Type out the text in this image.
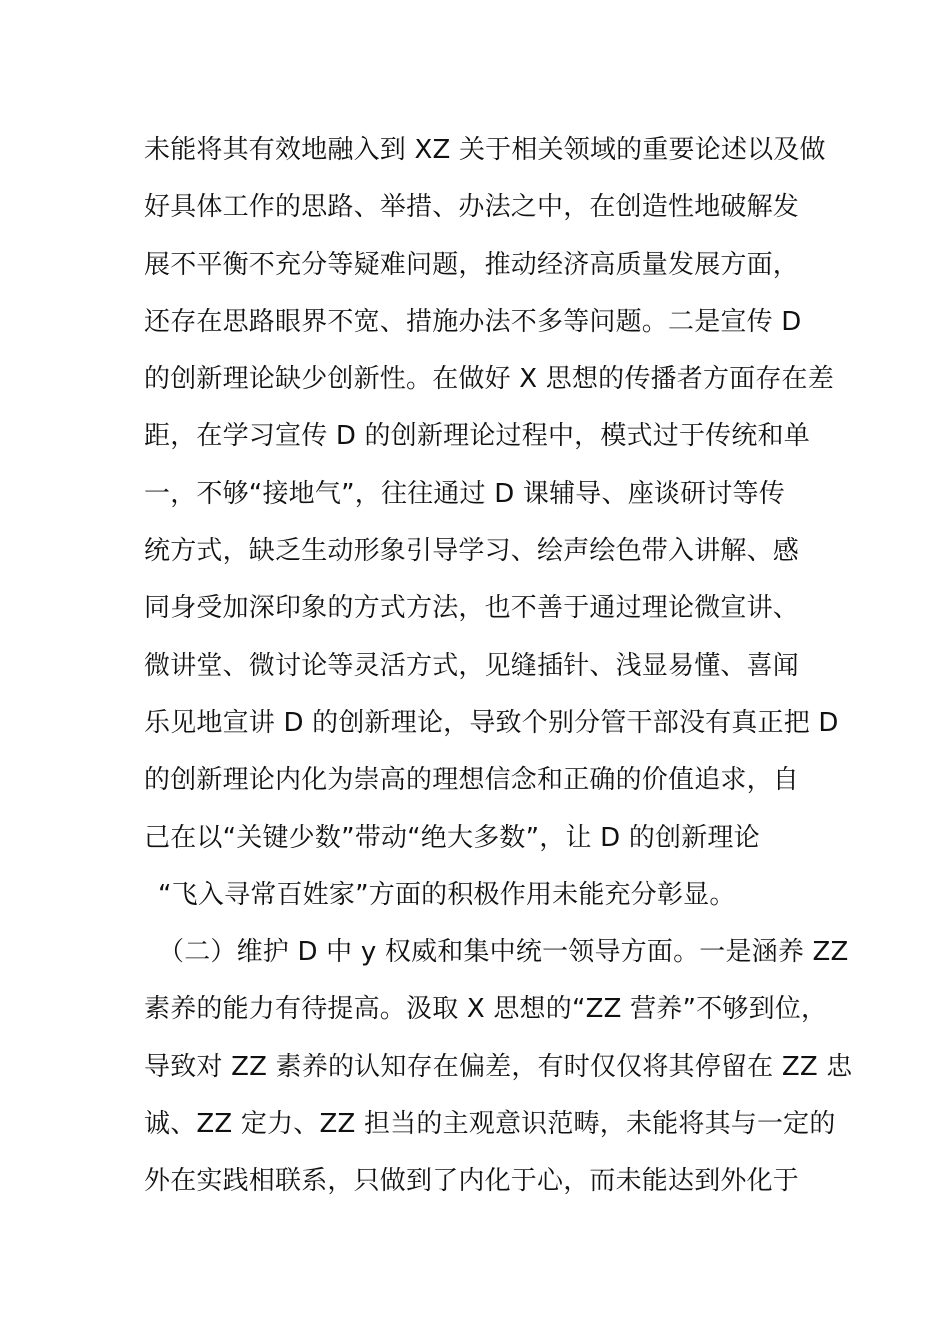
未能将其有效地融入到 XZ 关于相关领域的重要论述以及做
好具体工作的思路、举措、办法之中，在创造性地破解发
展不平衡不充分等疑难问题，推动经济高质量发展方面，
还存在思路眼界不宽、措施办法不多等问题。二是宣传 D
的创新理论缺少创新性。在做好 X 思想的传播者方面存在差
距，在学习宣传 D 的创新理论过程中，模式过于传统和单
一，不够“接地气”，往往通过 D 课辅导、座谈研讨等传
统方式，缺乏生动形象引导学习、绘声绘色带入讲解、感
同身受加深印象的方式方法，也不善于通过理论微宣讲、
微讲堂、微讨论等灵活方式，见缝插针、浅显易懂、喜闻
乐见地宣讲 D 的创新理论，导致个别分管干部没有真正把 D
的创新理论内化为崇高的理想信念和正确的价值追求，自
己在以“关键少数”带动“绝大多数”，让 D 的创新理论
“飞入寻常百姓家”方面的积极作用未能充分彰显。
（二）维护 D 中 y 权威和集中统一领导方面。一是涵养 ZZ
素养的能力有待提高。汲取 X 思想的“ZZ 营养”不够到位，
导致对 ZZ 素养的认知存在偏差，有时仅仅将其停留在 ZZ 忠
诚、ZZ 定力、ZZ 担当的主观意识范畴，未能将其与一定的
外在实践相联系，只做到了内化于心，而未能达到外化于
